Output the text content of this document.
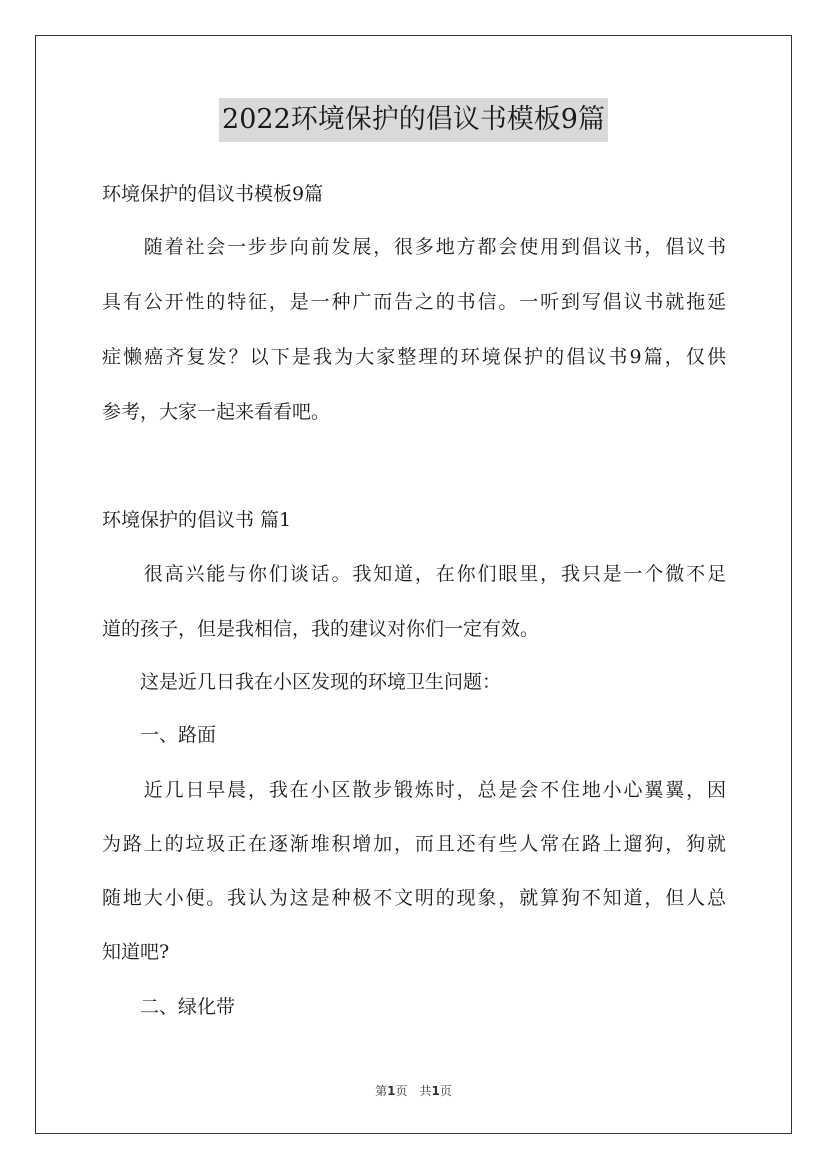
2022环境保护的倡议书模板9篇
环境保护的倡议书模板9篇
　　随着社会一步步向前发展，很多地方都会使用到倡议书，倡议书
具有公开性的特征，是一种广而告之的书信。一听到写倡议书就拖延
症懒癌齐复发？以下是我为大家整理的环境保护的倡议书9篇，仅供
参考，大家一起来看看吧。
环境保护的倡议书 篇1
　　很高兴能与你们谈话。我知道，在你们眼里，我只是一个微不足
道的孩子，但是我相信，我的建议对你们一定有效。
　　这是近几日我在小区发现的环境卫生问题：
　　一、路面
　　近几日早晨，我在小区散步锻炼时，总是会不住地小心翼翼，因
为路上的垃圾正在逐渐堆积增加，而且还有些人常在路上遛狗，狗就
随地大小便。我认为这是种极不文明的现象，就算狗不知道，但人总
知道吧?
　　二、绿化带
第1页　共1页
